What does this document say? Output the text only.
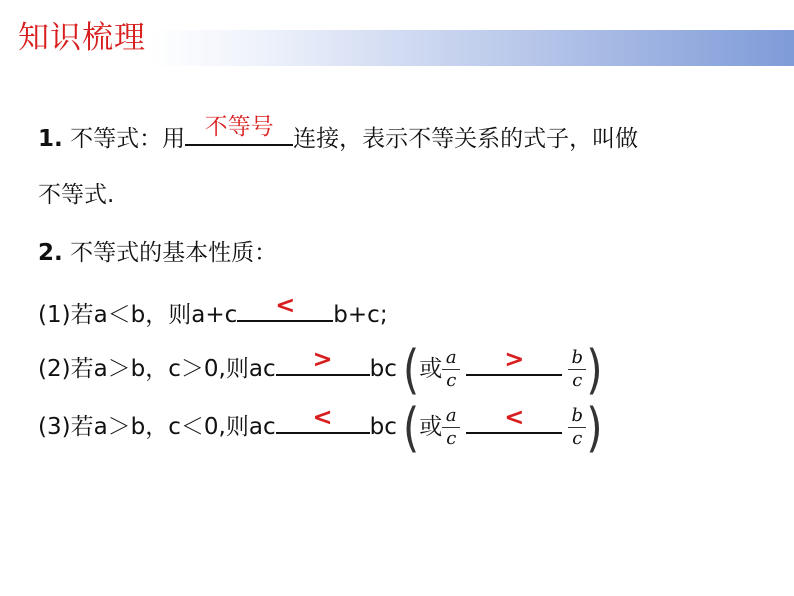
知识梳理
1. 不等式：用 不等号 连接，表示不等关系的式子，叫做
不等式.
2. 不等式的基本性质：
(1)若a＜b，则a+c	<	b+c;
(2)若a＞b，c＞0,则ac	>	bc (或 $\frac{a}{c}$	>	$\frac{b}{c}$ )
(3)若a＞b，c＜0,则ac	<	bc (或 $\frac{a}{c}$	<	$\frac{b}{c}$ )
